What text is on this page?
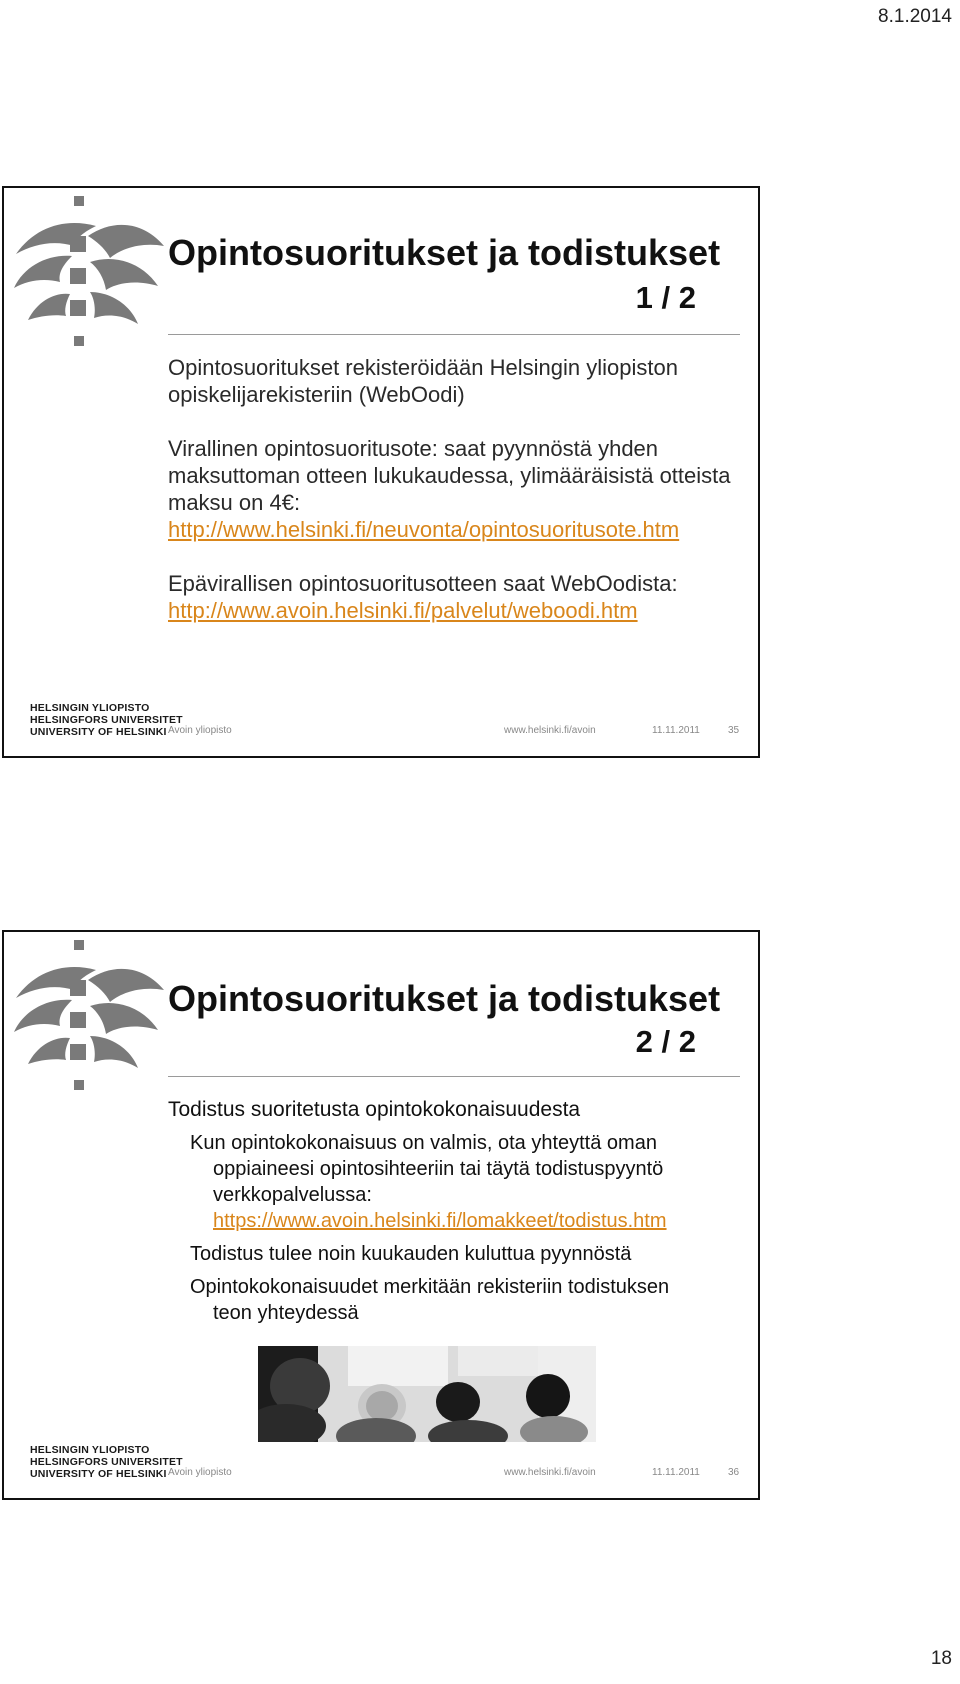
8.1.2014
Opintosuoritukset ja todistukset
1 / 2

Opintosuoritukset rekisteröidään Helsingin yliopiston opiskelijarekisteriin (WebOodi)

Virallinen opintosuoritusote: saat pyynnöstä yhden maksuttoman otteen lukukaudessa, ylimääräisistä otteista maksu on 4€:

http://www.helsinki.fi/neuvonta/opintosuoritusote.htm

Epävirallisen opintosuoritusotteen saat WebOodista:

http://www.avoin.helsinki.fi/palvelut/weboodi.htm

HELSINGIN YLIOPISTO
HELSINGFORS UNIVERSITET
UNIVERSITY OF HELSINKI Avoin yliopisto	www.helsinki.fi/avoin	11.11.2011	35
Opintosuoritukset ja todistukset
2 / 2

Todistus suoritetusta opintokokonaisuudesta

Kun opintokokonaisuus on valmis, ota yhteyttä oman

oppiaineesi opintosihteeriin tai täytä todistuspyyntö

verkkopalvelussa:

https://www.avoin.helsinki.fi/lomakkeet/todistus.htm

Todistus tulee noin kuukauden kuluttua pyynnöstä

Opintokokonaisuudet merkitään rekisteriin todistuksen

teon yhteydessä

HELSINGIN YLIOPISTO
HELSINGFORS UNIVERSITET
UNIVERSITY OF HELSINKI Avoin yliopisto	www.helsinki.fi/avoin	11.11.2011	36
18
